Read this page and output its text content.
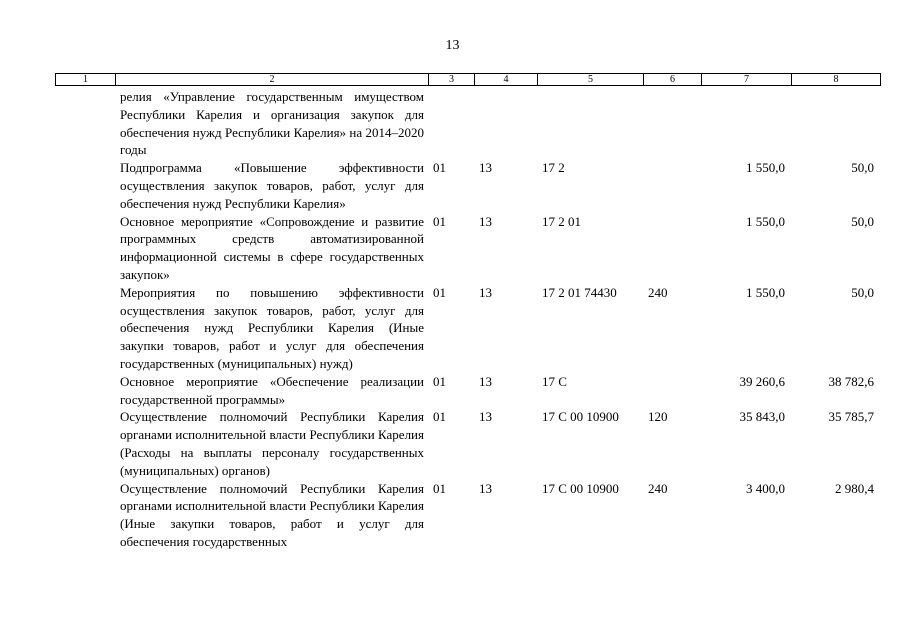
13
1	2	3	4	5	6	7	8
	релия «Управление государственным имуществом Республики Карелия и организация закупок для обеспечения нужд Республики Карелия» на 2014–2020 годы						
	Подпрограмма «Повышение эффективности осуществления закупок товаров, работ, услуг для обеспечения нужд Республики Карелия»	01	13	17 2		1 550,0	50,0
	Основное мероприятие «Сопровождение и развитие программных средств автоматизированной информационной системы в сфере государственных закупок»	01	13	17 2 01		1 550,0	50,0
	Мероприятия по повышению эффективности осуществления закупок товаров, работ, услуг для обеспечения нужд Республики Карелия (Иные закупки товаров, работ и услуг для обеспечения государственных (муниципальных) нужд)	01	13	17 2 01 74430	240	1 550,0	50,0
	Основное мероприятие «Обеспечение реализации государственной программы»	01	13	17 С		39 260,6	38 782,6
	Осуществление полномочий Республики Карелия органами исполнительной власти Республики Карелия (Расходы на выплаты персоналу государственных (муниципальных) органов)	01	13	17 С 00 10900	120	35 843,0	35 785,7
	Осуществление полномочий Республики Карелия органами исполнительной власти Республики Карелия (Иные закупки товаров, работ и услуг для обеспечения государственных	01	13	17 С 00 10900	240	3 400,0	2 980,4
